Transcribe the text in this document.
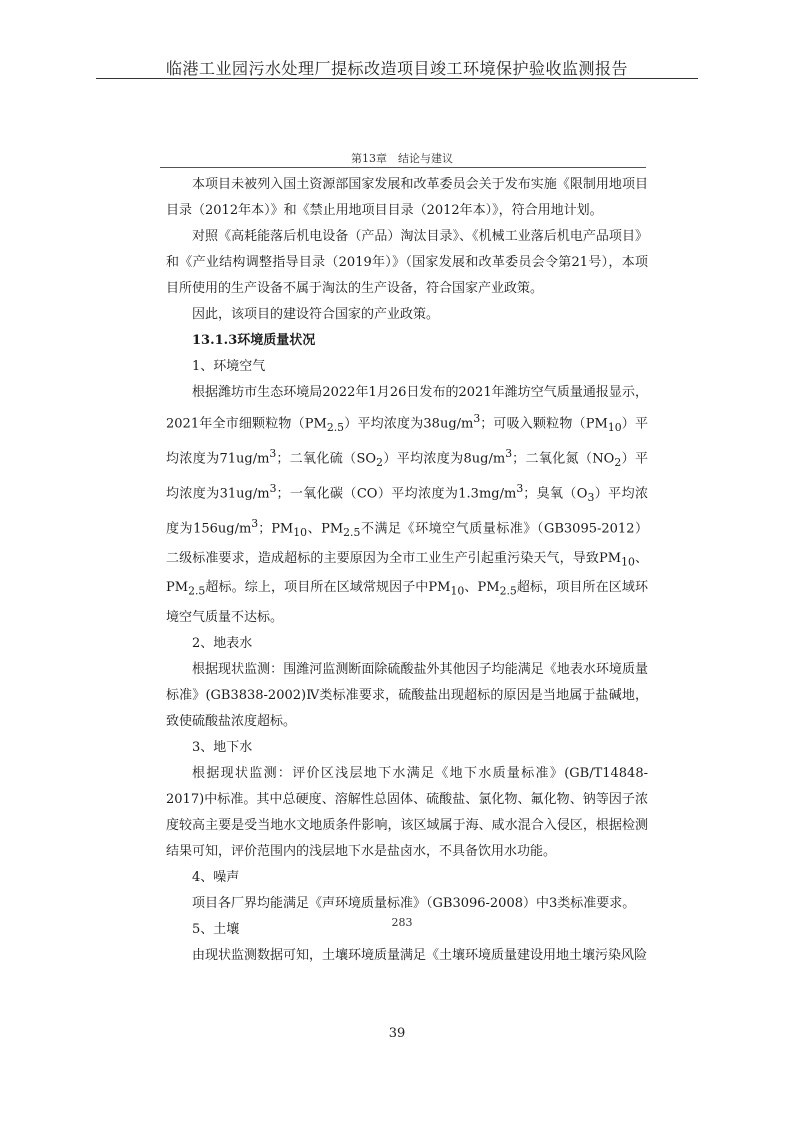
临港工业园污水处理厂提标改造项目竣工环境保护验收监测报告
第13章　结论与建议

本项目未被列入国土资源部国家发展和改革委员会关于发布实施《限制用地项目目录（2012年本）》和《禁止用地项目目录（2012年本）》，符合用地计划。

对照《高耗能落后机电设备（产品）淘汰目录》、《机械工业落后机电产品项目》和《产业结构调整指导目录（2019年）》（国家发展和改革委员会令第21号），本项目所使用的生产设备不属于淘汰的生产设备，符合国家产业政策。

因此，该项目的建设符合国家的产业政策。

13.1.3环境质量状况

1、环境空气

根据潍坊市生态环境局2022年1月26日发布的2021年潍坊空气质量通报显示，2021年全市细颗粒物$(PM_{2.5})$平均浓度为$38ug/m^3$；可吸入颗粒物$(PM_{10})$平均浓度为$71ug/m^3$；二氧化硫$(SO_2)$平均浓度为$8ug/m^3$；二氧化氮$(NO_2)$平均浓度为$31ug/m^3$；一氧化碳（CO）平均浓度为$1.3mg/m^3$；臭氧$(O_3)$平均浓度为$156ug/m^3$；$PM_{10}$、$PM_{2.5}$不满足《环境空气质量标准》（GB3095-2012）二级标准要求，造成超标的主要原因为全市工业生产引起重污染天气，导致$PM_{10}$、$PM_{2.5}$超标。综上，项目所在区域常规因子中$PM_{10}$、$PM_{2.5}$超标，项目所在区域环境空气质量不达标。

2、地表水

根据现状监测：围潍河监测断面除硫酸盐外其他因子均能满足《地表水环境质量标准》(GB3838-2002)Ⅳ类标准要求，硫酸盐出现超标的原因是当地属于盐碱地，致使硫酸盐浓度超标。

3、地下水

根据现状监测：评价区浅层地下水满足《地下水质量标准》(GB/T14848-2017)中标准。其中总硬度、溶解性总固体、硫酸盐、氯化物、氟化物、钠等因子浓度较高主要是受当地水文地质条件影响，该区域属于海、咸水混合入侵区，根据检测结果可知，评价范围内的浅层地下水是盐卤水，不具备饮用水功能。

4、噪声

项目各厂界均能满足《声环境质量标准》（GB3096-2008）中3类标准要求。

5、土壤

由现状监测数据可知，土壤环境质量满足《土壤环境质量建设用地土壤污染风险

283
39
